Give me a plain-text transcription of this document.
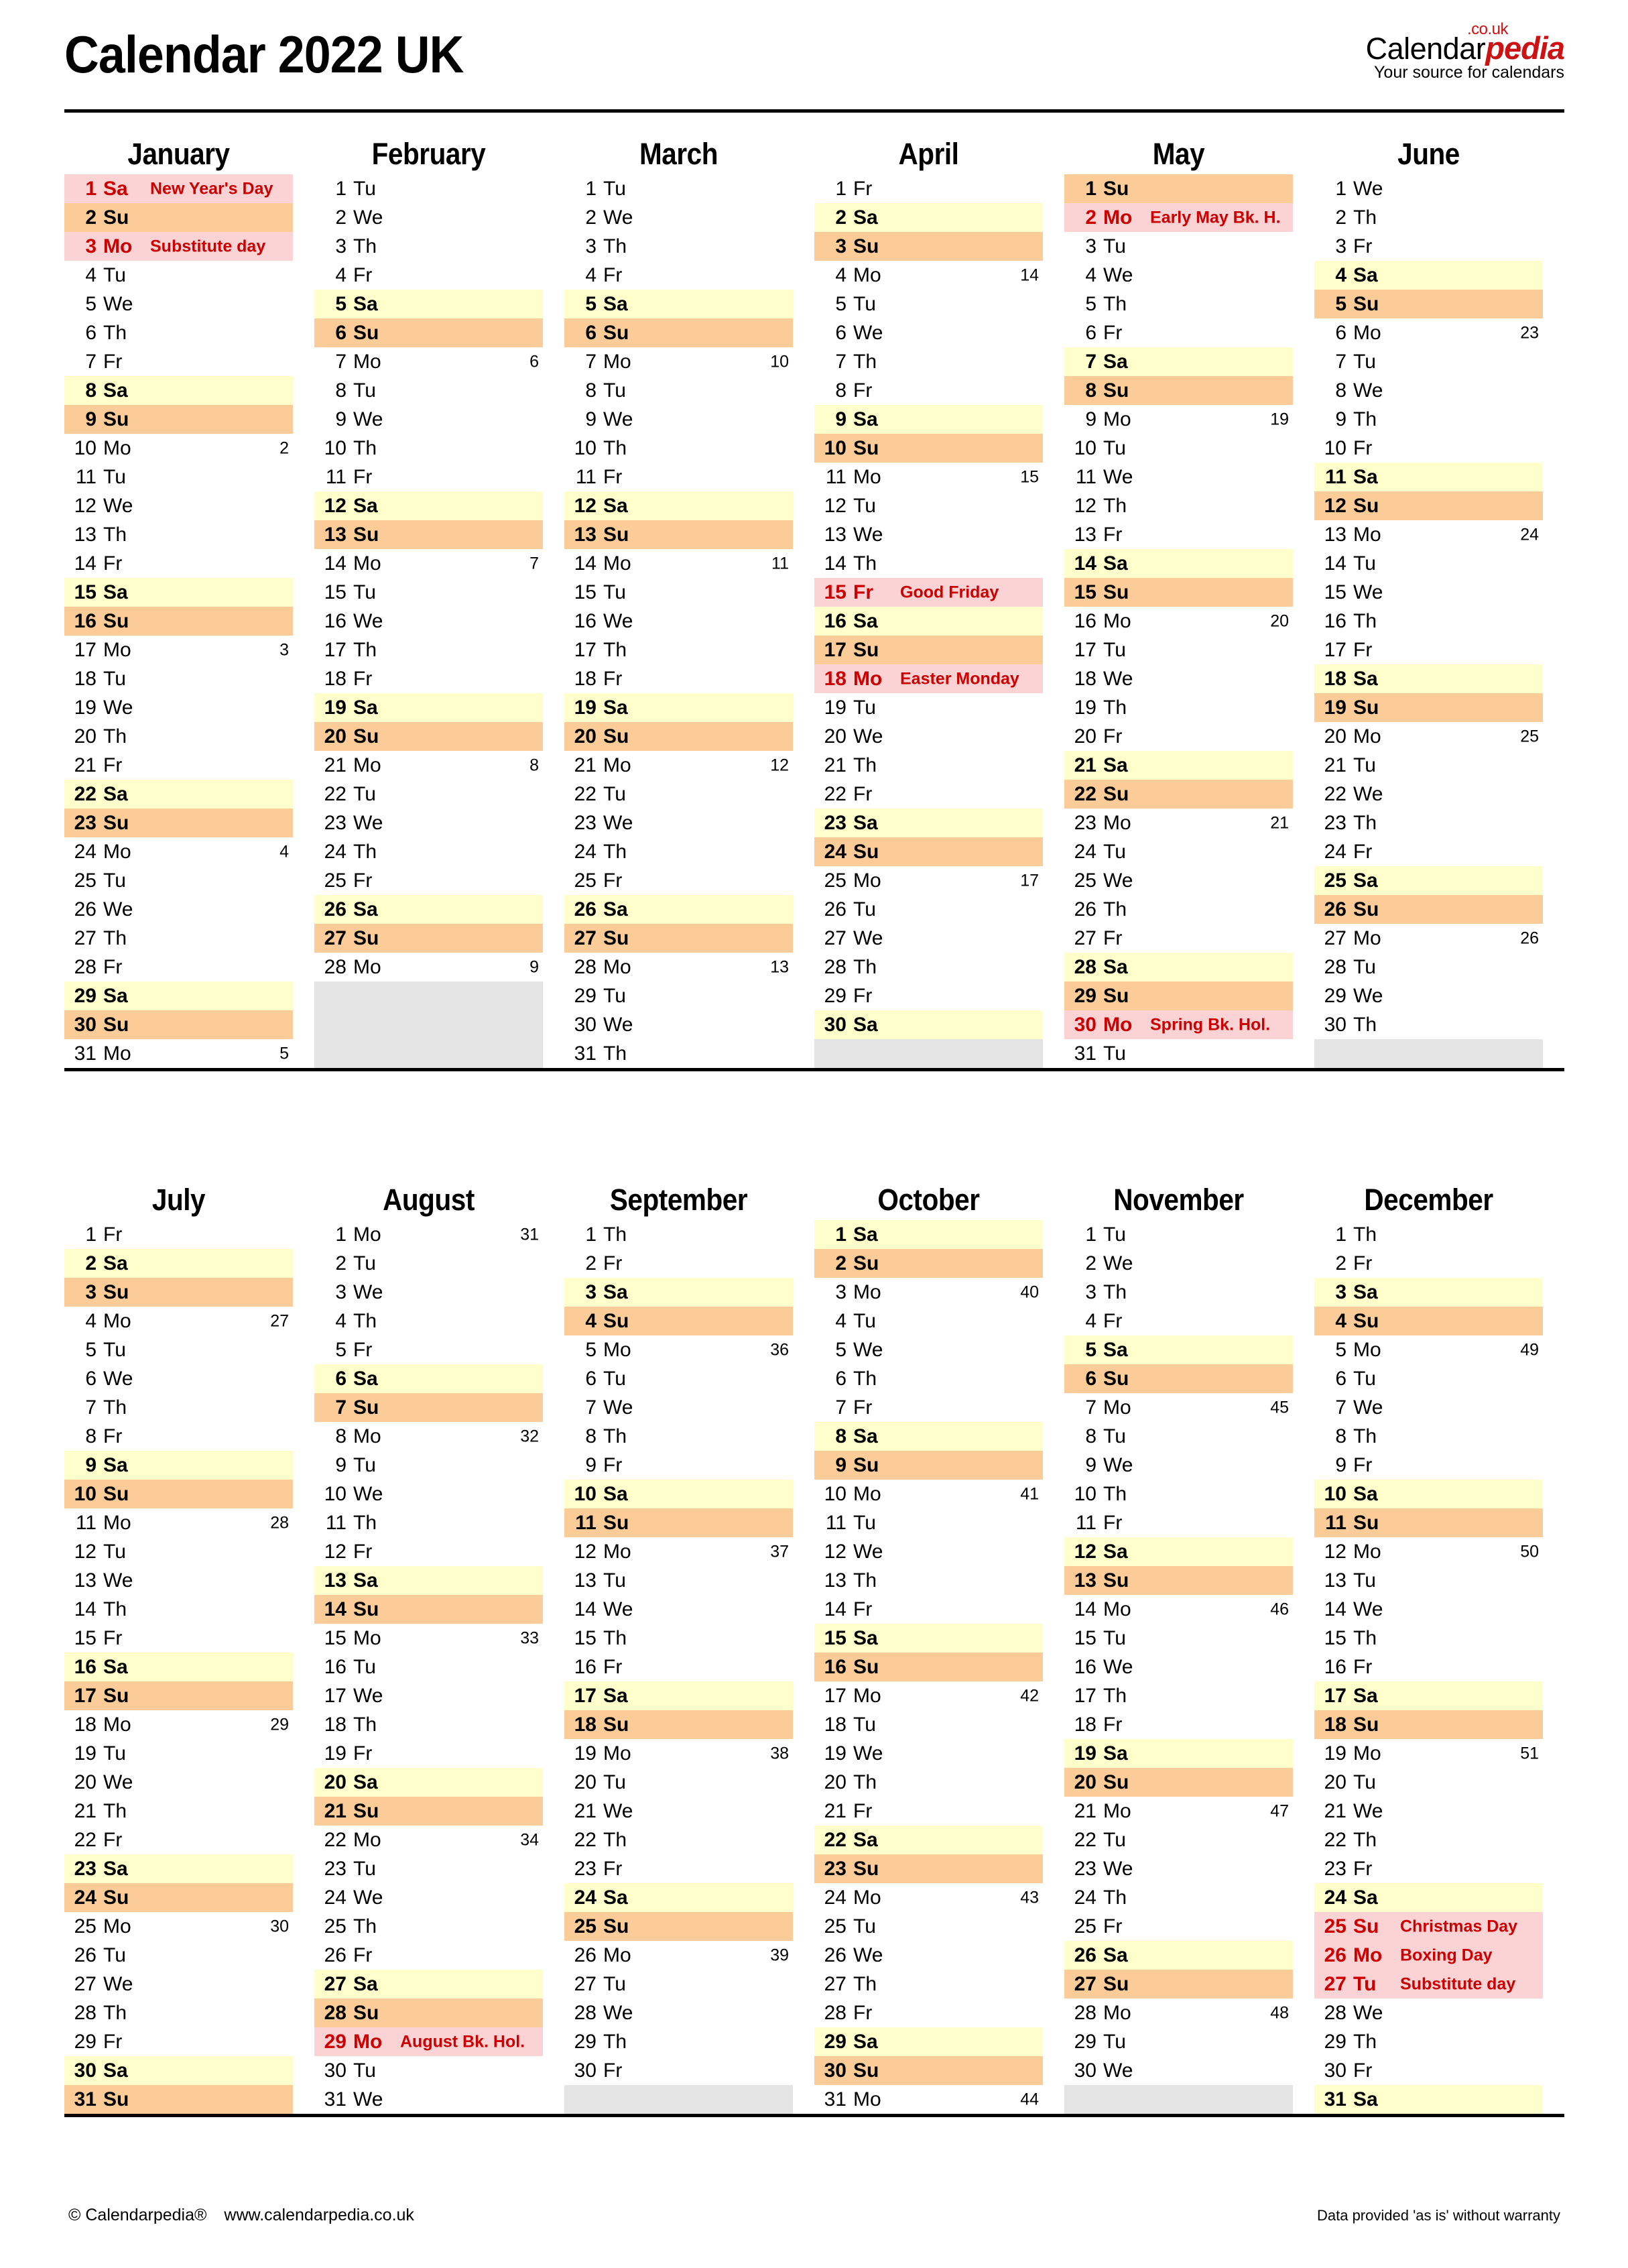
Calendar 2022 UK	Calendarpedia
.co.uk
Your source for calendars
January		February		March		April		May		June	

1 Sa New Year's Day		1 Tu		1 Tu		1 Fr		1 Su		1 We	

2 Su		2 We		2 We		2 Sa		2 Mo Early May Bk. H.		2 Th	

3 Mo Substitute day		3 Th		3 Th		3 Su		3 Tu		3 Fr	

4 Tu		4 Fr		4 Fr		4 Mo 14		4 We		4 Sa	

5 We		5 Sa		5 Sa		5 Tu		5 Th		5 Su	

6 Th		6 Su		6 Su		6 We		6 Fr		6 Mo 23	

7 Fr		7 Mo 6		7 Mo 10		7 Th		7 Sa		7 Tu	

8 Sa		8 Tu		8 Tu		8 Fr		8 Su		8 We	

9 Su		9 We		9 We		9 Sa		9 Mo 19		9 Th	

10 Mo 2		10 Th		10 Th		10 Su		10 Tu		10 Fr	

11 Tu		11 Fr		11 Fr		11 Mo 15		11 We		11 Sa	

12 We		12 Sa		12 Sa		12 Tu		12 Th		12 Su	

13 Th		13 Su		13 Su		13 We		13 Fr		13 Mo 24	

14 Fr		14 Mo 7		14 Mo 11		14 Th		14 Sa		14 Tu	

15 Sa		15 Tu		15 Tu		15 Fr Good Friday		15 Su		15 We	

16 Su		16 We		16 We		16 Sa		16 Mo 20		16 Th	

17 Mo 3		17 Th		17 Th		17 Su		17 Tu		17 Fr	

18 Tu		18 Fr		18 Fr		18 Mo Easter Monday		18 We		18 Sa	

19 We		19 Sa		19 Sa		19 Tu		19 Th		19 Su	

20 Th		20 Su		20 Su		20 We		20 Fr		20 Mo 25	

21 Fr		21 Mo 8		21 Mo 12		21 Th		21 Sa		21 Tu	

22 Sa		22 Tu		22 Tu		22 Fr		22 Su		22 We	

23 Su		23 We		23 We		23 Sa		23 Mo 21		23 Th	

24 Mo 4		24 Th		24 Th		24 Su		24 Tu		24 Fr	

25 Tu		25 Fr		25 Fr		25 Mo 17		25 We		25 Sa	

26 We		26 Sa		26 Sa		26 Tu		26 Th		26 Su	

27 Th		27 Su		27 Su		27 We		27 Fr		27 Mo 26	

28 Fr		28 Mo 9		28 Mo 13		28 Th		28 Sa		28 Tu	

29 Sa				29 Tu		29 Fr		29 Su		29 We	

30 Su				30 We		30 Sa		30 Mo Spring Bk. Hol.		30 Th	

31 Mo 5				31 Th				31 Tu			

July		August		September		October		November		December	

1 Fr		1 Mo 31		1 Th		1 Sa		1 Tu		1 Th	

2 Sa		2 Tu		2 Fr		2 Su		2 We		2 Fr	

3 Su		3 We		3 Sa		3 Mo 40		3 Th		3 Sa	

4 Mo 27		4 Th		4 Su		4 Tu		4 Fr		4 Su	

5 Tu		5 Fr		5 Mo 36		5 We		5 Sa		5 Mo 49	

6 We		6 Sa		6 Tu		6 Th		6 Su		6 Tu	

7 Th		7 Su		7 We		7 Fr		7 Mo 45		7 We	

8 Fr		8 Mo 32		8 Th		8 Sa		8 Tu		8 Th	

9 Sa		9 Tu		9 Fr		9 Su		9 We		9 Fr	

10 Su		10 We		10 Sa		10 Mo 41		10 Th		10 Sa	

11 Mo 28		11 Th		11 Su		11 Tu		11 Fr		11 Su	

12 Tu		12 Fr		12 Mo 37		12 We		12 Sa		12 Mo 50	

13 We		13 Sa		13 Tu		13 Th		13 Su		13 Tu	

14 Th		14 Su		14 We		14 Fr		14 Mo 46		14 We	

15 Fr		15 Mo 33		15 Th		15 Sa		15 Tu		15 Th	

16 Sa		16 Tu		16 Fr		16 Su		16 We		16 Fr	

17 Su		17 We		17 Sa		17 Mo 42		17 Th		17 Sa	

18 Mo 29		18 Th		18 Su		18 Tu		18 Fr		18 Su	

19 Tu		19 Fr		19 Mo 38		19 We		19 Sa		19 Mo 51	

20 We		20 Sa		20 Tu		20 Th		20 Su		20 Tu	

21 Th		21 Su		21 We		21 Fr		21 Mo 47		21 We	

22 Fr		22 Mo 34		22 Th		22 Sa		22 Tu		22 Th	

23 Sa		23 Tu		23 Fr		23 Su		23 We		23 Fr	

24 Su		24 We		24 Sa		24 Mo 43		24 Th		24 Sa	

25 Mo 30		25 Th		25 Su		25 Tu		25 Fr		25 Su Christmas Day	

26 Tu		26 Fr		26 Mo 39		26 We		26 Sa		26 Mo Boxing Day	

27 We		27 Sa		27 Tu		27 Th		27 Su		27 Tu Substitute day	

28 Th		28 Su		28 We		28 Fr		28 Mo 48		28 We	

29 Fr		29 Mo August Bk. Hol.		29 Th		29 Sa		29 Tu		29 Th	

30 Sa		30 Tu		30 Fr		30 Su		30 We		30 Fr	

31 Su		31 We				31 Mo 44				31 Sa	

© Calendarpedia® www.calendarpedia.co.uk	Data provided 'as is' without warranty
